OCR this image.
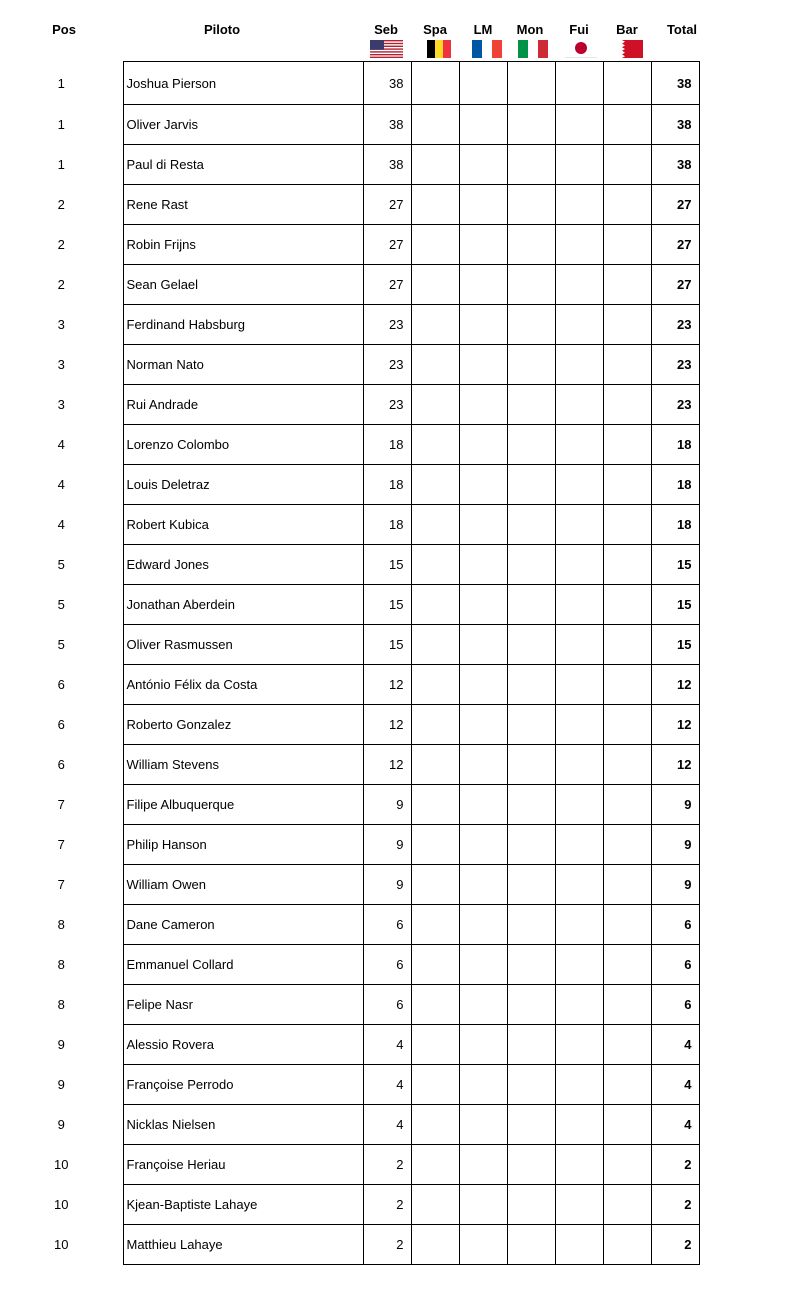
Pos	Piloto	Seb	Spa	LM	Mon	Fui	Bar	Total
1	Joshua Pierson	38						38
1	Oliver Jarvis	38						38
1	Paul di Resta	38						38
2	Rene Rast	27						27
2	Robin Frijns	27						27
2	Sean Gelael	27						27
3	Ferdinand Habsburg	23						23
3	Norman Nato	23						23
3	Rui Andrade	23						23
4	Lorenzo Colombo	18						18
4	Louis Deletraz	18						18
4	Robert Kubica	18						18
5	Edward Jones	15						15
5	Jonathan Aberdein	15						15
5	Oliver Rasmussen	15						15
6	António Félix da Costa	12						12
6	Roberto Gonzalez	12						12
6	William Stevens	12						12
7	Filipe Albuquerque	9						9
7	Philip Hanson	9						9
7	William Owen	9						9
8	Dane Cameron	6						6
8	Emmanuel Collard	6						6
8	Felipe Nasr	6						6
9	Alessio Rovera	4						4
9	Françoise Perrodo	4						4
9	Nicklas Nielsen	4						4
10	Françoise Heriau	2						2
10	Kjean-Baptiste Lahaye	2						2
10	Matthieu Lahaye	2						2
